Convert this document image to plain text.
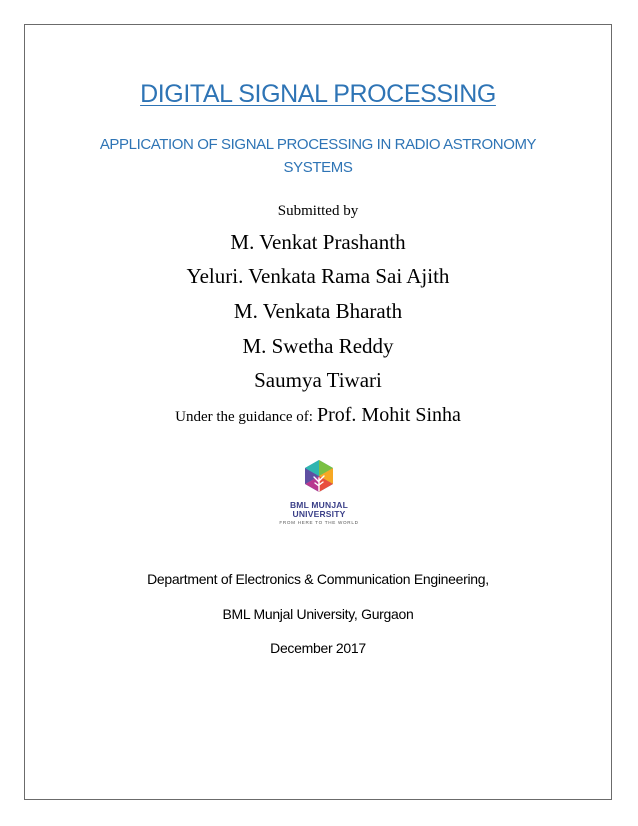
DIGITAL SIGNAL PROCESSING
APPLICATION OF SIGNAL PROCESSING IN RADIO ASTRONOMY SYSTEMS
Submitted by
M. Venkat Prashanth
Yeluri. Venkata Rama Sai Ajith
M. Venkata Bharath
M. Swetha Reddy
Saumya Tiwari
Under the guidance of: Prof. Mohit Sinha
BML MUNJAL
UNIVERSITY
FROM HERE TO THE WORLD
Department of Electronics & Communication Engineering,
BML Munjal University, Gurgaon
December 2017
